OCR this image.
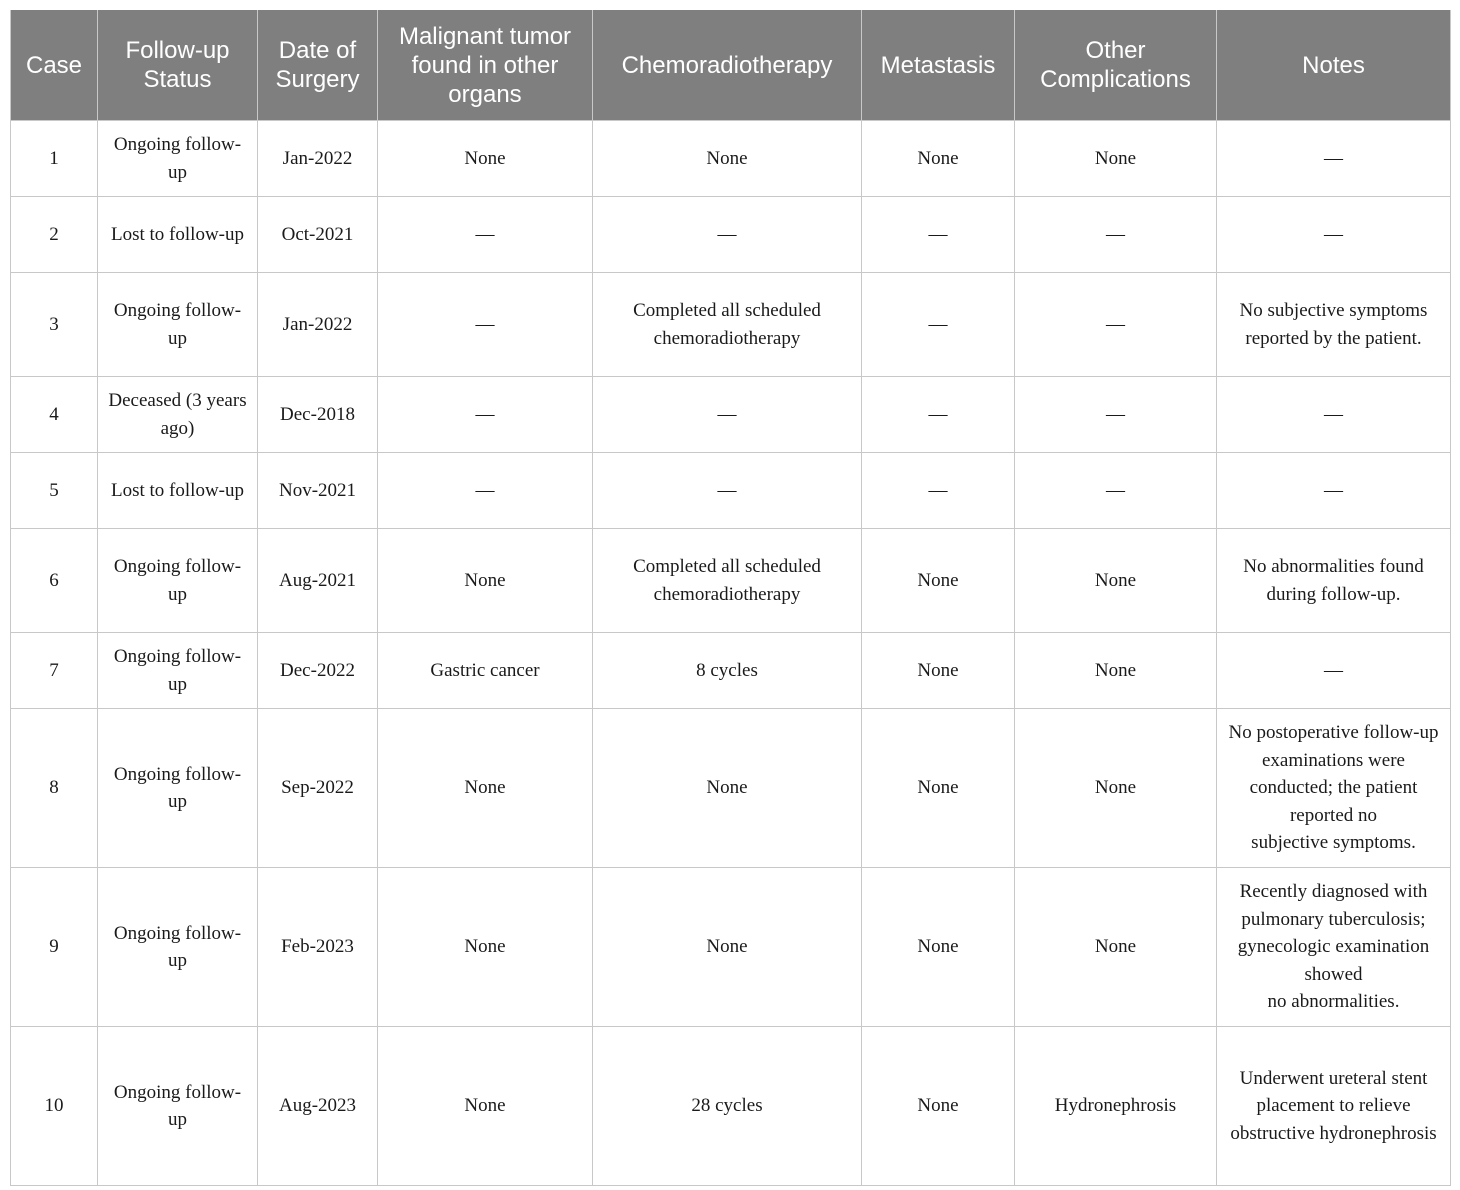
Case	Follow-up Status	Date of Surgery	Malignant tumor found in other organs	Chemoradiotherapy	Metastasis	Other Complications	Notes
1	Ongoing follow-up	Jan-2022	None	None	None	None	—
2	Lost to follow-up	Oct-2021	—	—	—	—	—
3	Ongoing follow-up	Jan-2022	—	Completed all scheduled chemoradiotherapy	—	—	No subjective symptoms reported by the patient.
4	Deceased (3 years ago)	Dec-2018	—	—	—	—	—
5	Lost to follow-up	Nov-2021	—	—	—	—	—
6	Ongoing follow-up	Aug-2021	None	Completed all scheduled chemoradiotherapy	None	None	No abnormalities found during follow-up.
7	Ongoing follow-up	Dec-2022	Gastric cancer	8 cycles	None	None	—
8	Ongoing follow-up	Sep-2022	None	None	None	None	No postoperative follow-up examinations were conducted; the patient reported no
subjective symptoms.
9	Ongoing follow-up	Feb-2023	None	None	None	None	Recently diagnosed with pulmonary tuberculosis; gynecologic examination showed
no abnormalities.
10	Ongoing follow-up	Aug-2023	None	28 cycles	None	Hydronephrosis	Underwent ureteral stent placement to relieve
obstructive hydronephrosis
